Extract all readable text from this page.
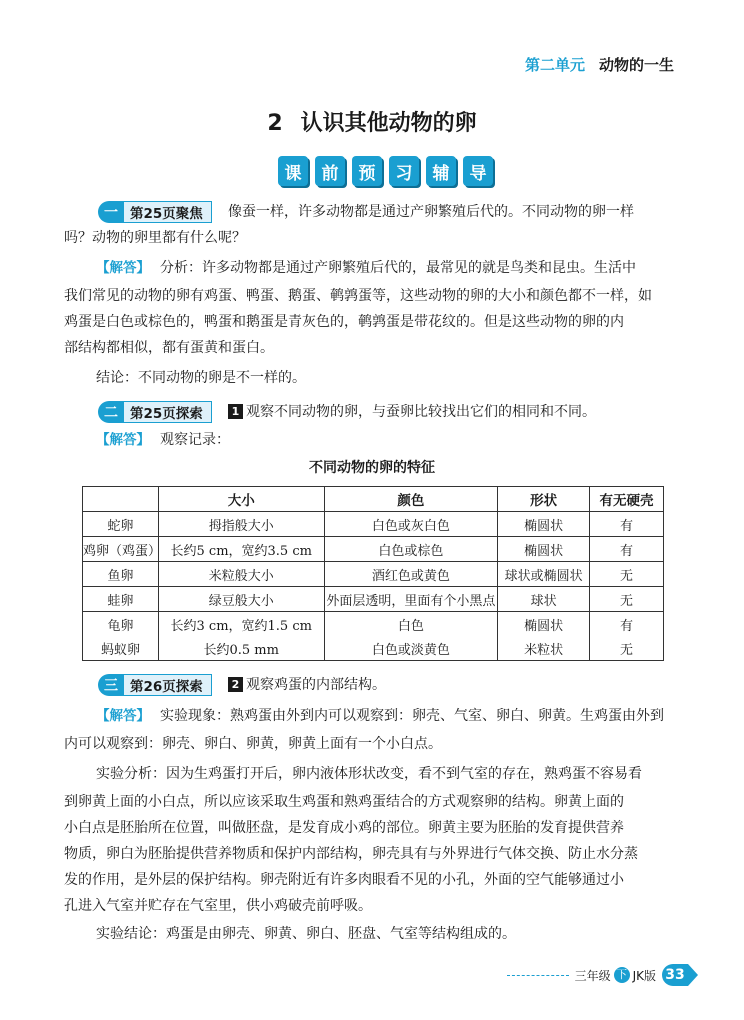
第二单元 动物的一生
2 认识其他动物的卵
课	前	预	习	辅	导
一 第25页聚焦	像蚕一样，许多动物都是通过产卵繁殖后代的。不同动物的卵一样
吗？动物的卵里都有什么呢？
【解答】 分析：许多动物都是通过产卵繁殖后代的，最常见的就是鸟类和昆虫。生活中
我们常见的动物的卵有鸡蛋、鸭蛋、鹅蛋、鹌鹑蛋等，这些动物的卵的大小和颜色都不一样，如
鸡蛋是白色或棕色的，鸭蛋和鹅蛋是青灰色的，鹌鹑蛋是带花纹的。但是这些动物的卵的内
部结构都相似，都有蛋黄和蛋白。
结论：不同动物的卵是不一样的。
二 第25页探索	1 观察不同动物的卵，与蚕卵比较找出它们的相同和不同。
【解答】 观察记录：
不同动物的卵的特征
	大小	颜色	形状	有无硬壳
蛇卵	拇指般大小	白色或灰白色	椭圆状	有
鸡卵（鸡蛋）	长约5 cm，宽约3.5 cm	白色或棕色	椭圆状	有
鱼卵	米粒般大小	酒红色或黄色	球状或椭圆状	无
蛙卵	绿豆般大小	外面层透明，里面有个小黑点	球状	无
龟卵	长约3 cm，宽约1.5 cm	白色	椭圆状	有
蚂蚁卵	长约0.5 mm	白色或淡黄色	米粒状	无
三 第26页探索	2 观察鸡蛋的内部结构。
【解答】 实验现象：熟鸡蛋由外到内可以观察到：卵壳、气室、卵白、卵黄。生鸡蛋由外到
内可以观察到：卵壳、卵白、卵黄，卵黄上面有一个小白点。
实验分析：因为生鸡蛋打开后，卵内液体形状改变，看不到气室的存在，熟鸡蛋不容易看
到卵黄上面的小白点，所以应该采取生鸡蛋和熟鸡蛋结合的方式观察卵的结构。卵黄上面的
小白点是胚胎所在位置，叫做胚盘，是发育成小鸡的部位。卵黄主要为胚胎的发育提供营养
物质，卵白为胚胎提供营养物质和保护内部结构，卵壳具有与外界进行气体交换、防止水分蒸
发的作用，是外层的保护结构。卵壳附近有许多肉眼看不见的小孔，外面的空气能够通过小
孔进入气室并贮存在气室里，供小鸡破壳前呼吸。
实验结论：鸡蛋是由卵壳、卵黄、卵白、胚盘、气室等结构组成的。
三年级 下 JK版 33
